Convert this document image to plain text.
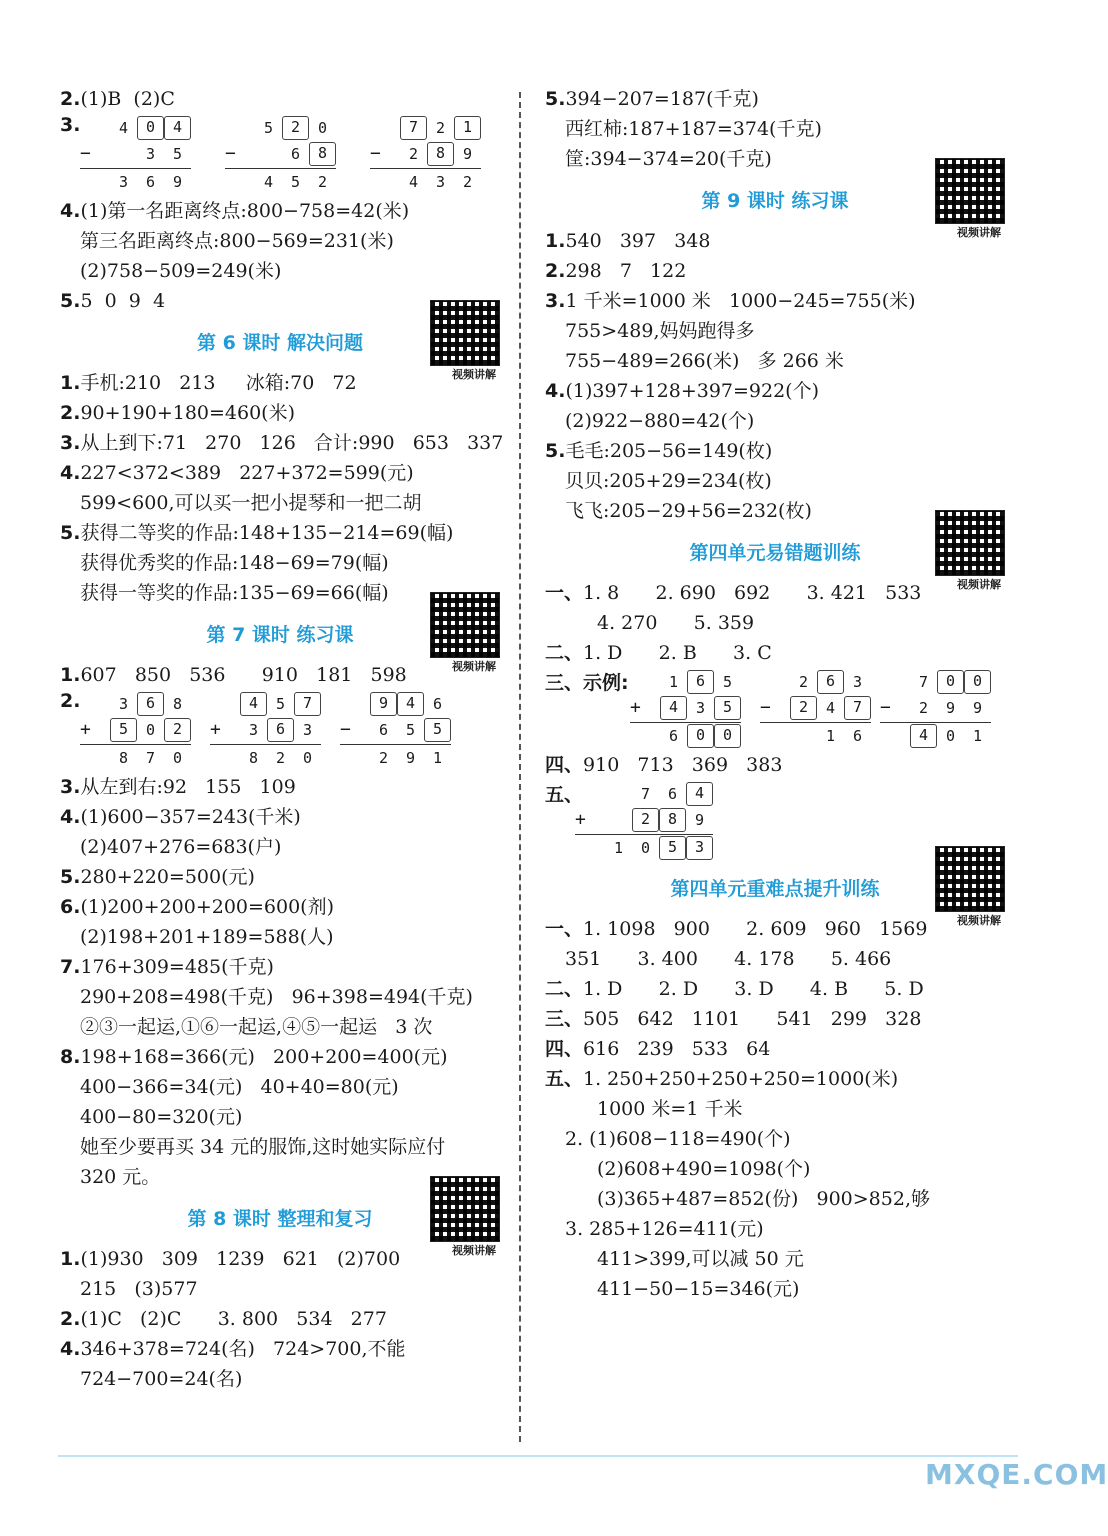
2.(1)B  (2)C
3.	4	0	4
−	3	5
3	6	9
5	2	0
−	6	8
4	5	2
7	2	1
−	2	8	9
4	3	2
4.(1)第一名距离终点:800−758=42(米)
第三名距离终点:800−569=231(米)
(2)758−509=249(米)
5.5  0  9  4
第 6 课时 解决问题
视频讲解
1.手机:210   213     冰箱:70   72
2.90+190+180=460(米)
3.从上到下:71   270   126   合计:990   653   337
4.227<372<389   227+372=599(元)
599<600,可以买一把小提琴和一把二胡
5.获得二等奖的作品:148+135−214=69(幅)
获得优秀奖的作品:148−69=79(幅)
获得一等奖的作品:135−69=66(幅)
第 7 课时 练习课
视频讲解
1.607   850   536      910   181   598
2.	3	6	8
+	5	0	2
8	7	0
4	5	7
+	3	6	3
8	2	0
9	4	6
−	6	5	5
2	9	1
3.从左到右:92   155   109
4.(1)600−357=243(千米)
(2)407+276=683(户)
5.280+220=500(元)
6.(1)200+200+200=600(剂)
(2)198+201+189=588(人)
7.176+309=485(千克)
290+208=498(千克)   96+398=494(千克)
②③一起运,①⑥一起运,④⑤一起运   3 次
8.198+168=366(元)   200+200=400(元)
400−366=34(元)   40+40=80(元)
400−80=320(元)
她至少要再买 34 元的服饰,这时她实际应付
320 元。
第 8 课时 整理和复习
视频讲解
1.(1)930   309   1239   621   (2)700
215   (3)577
2.(1)C   (2)C      3. 800   534   277
4.346+378=724(名)   724>700,不能
724−700=24(名)
5.394−207=187(千克)
西红柿:187+187=374(千克)
筐:394−374=20(千克)
第 9 课时 练习课
视频讲解
1.540   397   348
2.298   7   122
3.1 千米=1000 米   1000−245=755(米)
755>489,妈妈跑得多
755−489=266(米)   多 266 米
4.(1)397+128+397=922(个)
(2)922−880=42(个)
5.毛毛:205−56=149(枚)
贝贝:205+29=234(枚)
飞飞:205−29+56=232(枚)
第四单元易错题训练
视频讲解
一、1. 8      2. 690   692      3. 421   533
4. 270      5. 359
二、1. D      2. B      3. C
三、示例:	1	6	5
+	4	3	5
6	0	0
2	6	3
−	2	4	7
1	6
7	0	0
−	2	9	9
4	0	1
四、910   713   369   383
五、	7	6	4
+	2	8	9
1	0	5	3
第四单元重难点提升训练
视频讲解
一、1. 1098   900      2. 609   960   1569
351      3. 400      4. 178      5. 466
二、1. D      2. D      3. D      4. B      5. D
三、505   642   1101      541   299   328
四、616   239   533   64
五、1. 250+250+250+250=1000(米)
1000 米=1 千米
2. (1)608−118=490(个)
(2)608+490=1098(个)
(3)365+487=852(份)   900>852,够
3. 285+126=411(元)
411>399,可以减 50 元
411−50−15=346(元)
MXQE.COM
